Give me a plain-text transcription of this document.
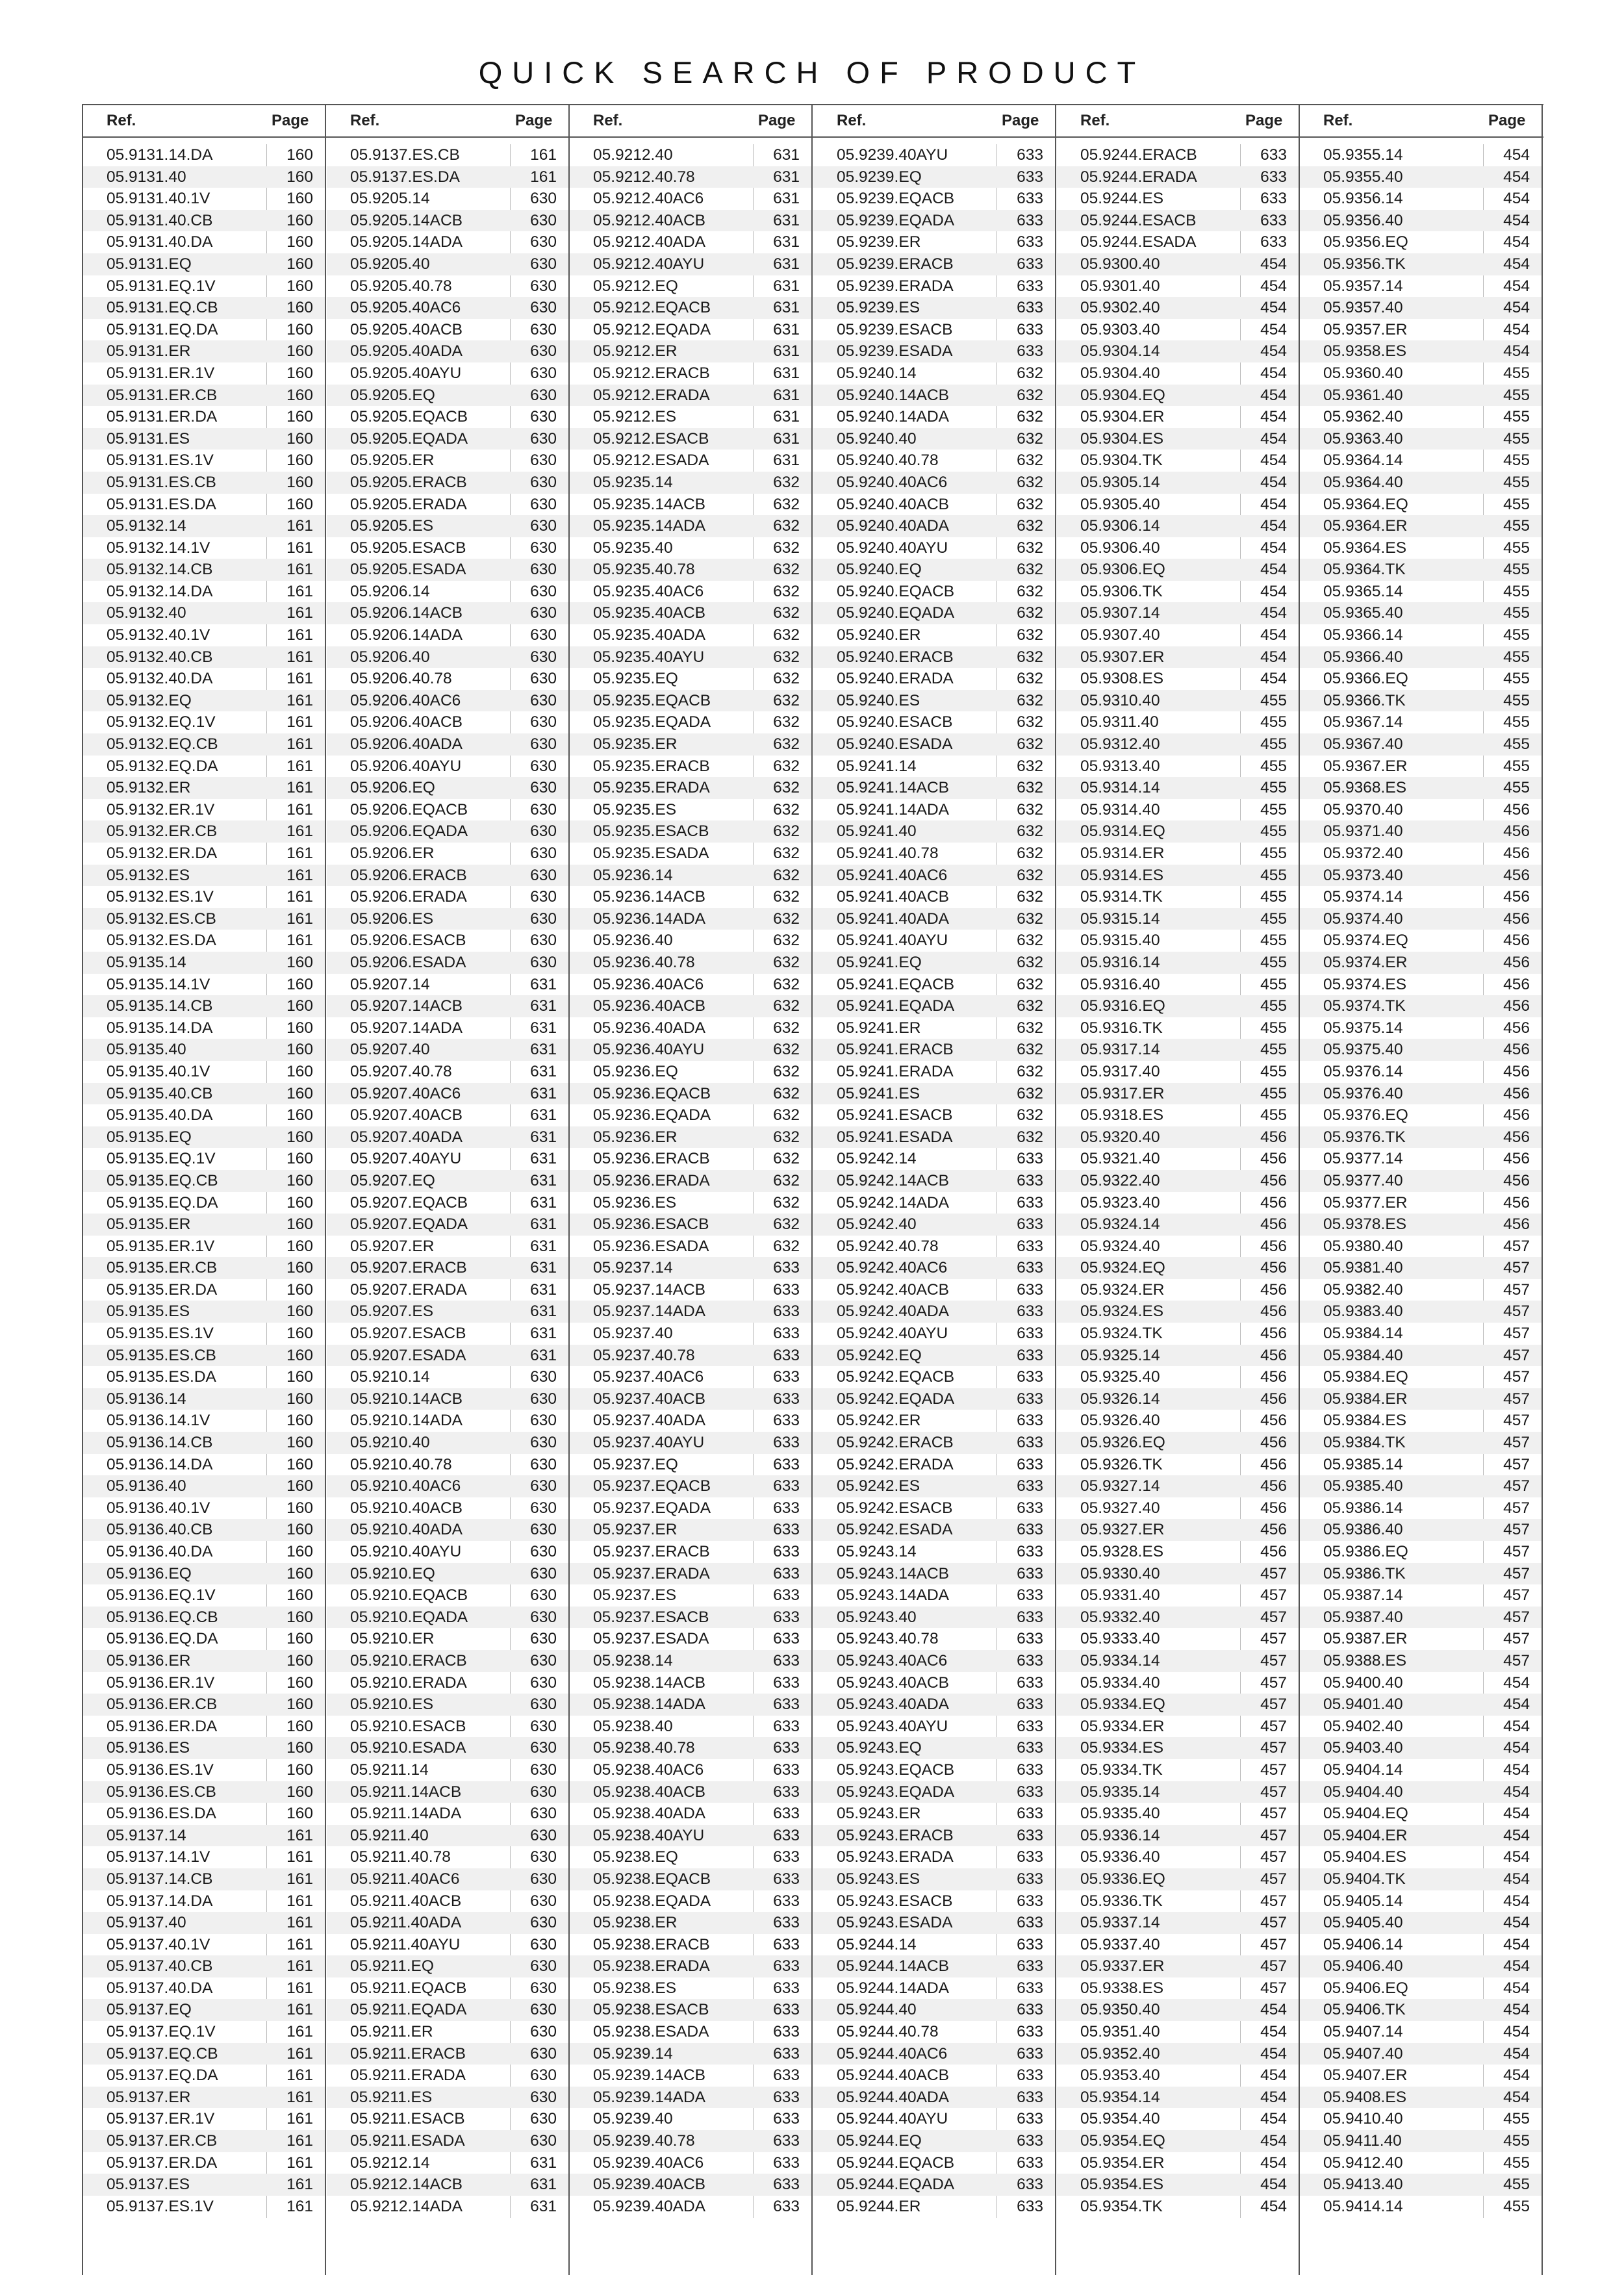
QUICK SEARCH OF PRODUCT
Ref.	Page	Ref.	Page	Ref.	Page	Ref.	Page	Ref.	Page	Ref.	Page
05.9131.14.DA	160
05.9131.40	160
05.9131.40.1V	160
05.9131.40.CB	160
05.9131.40.DA	160
05.9131.EQ	160
05.9131.EQ.1V	160
05.9131.EQ.CB	160
05.9131.EQ.DA	160
05.9131.ER	160
05.9131.ER.1V	160
05.9131.ER.CB	160
05.9131.ER.DA	160
05.9131.ES	160
05.9131.ES.1V	160
05.9131.ES.CB	160
05.9131.ES.DA	160
05.9132.14	161
05.9132.14.1V	161
05.9132.14.CB	161
05.9132.14.DA	161
05.9132.40	161
05.9132.40.1V	161
05.9132.40.CB	161
05.9132.40.DA	161
05.9132.EQ	161
05.9132.EQ.1V	161
05.9132.EQ.CB	161
05.9132.EQ.DA	161
05.9132.ER	161
05.9132.ER.1V	161
05.9132.ER.CB	161
05.9132.ER.DA	161
05.9132.ES	161
05.9132.ES.1V	161
05.9132.ES.CB	161
05.9132.ES.DA	161
05.9135.14	160
05.9135.14.1V	160
05.9135.14.CB	160
05.9135.14.DA	160
05.9135.40	160
05.9135.40.1V	160
05.9135.40.CB	160
05.9135.40.DA	160
05.9135.EQ	160
05.9135.EQ.1V	160
05.9135.EQ.CB	160
05.9135.EQ.DA	160
05.9135.ER	160
05.9135.ER.1V	160
05.9135.ER.CB	160
05.9135.ER.DA	160
05.9135.ES	160
05.9135.ES.1V	160
05.9135.ES.CB	160
05.9135.ES.DA	160
05.9136.14	160
05.9136.14.1V	160
05.9136.14.CB	160
05.9136.14.DA	160
05.9136.40	160
05.9136.40.1V	160
05.9136.40.CB	160
05.9136.40.DA	160
05.9136.EQ	160
05.9136.EQ.1V	160
05.9136.EQ.CB	160
05.9136.EQ.DA	160
05.9136.ER	160
05.9136.ER.1V	160
05.9136.ER.CB	160
05.9136.ER.DA	160
05.9136.ES	160
05.9136.ES.1V	160
05.9136.ES.CB	160
05.9136.ES.DA	160
05.9137.14	161
05.9137.14.1V	161
05.9137.14.CB	161
05.9137.14.DA	161
05.9137.40	161
05.9137.40.1V	161
05.9137.40.CB	161
05.9137.40.DA	161
05.9137.EQ	161
05.9137.EQ.1V	161
05.9137.EQ.CB	161
05.9137.EQ.DA	161
05.9137.ER	161
05.9137.ER.1V	161
05.9137.ER.CB	161
05.9137.ER.DA	161
05.9137.ES	161
05.9137.ES.1V	161
05.9137.ES.CB	161
05.9137.ES.DA	161
05.9205.14	630
05.9205.14ACB	630
05.9205.14ADA	630
05.9205.40	630
05.9205.40.78	630
05.9205.40AC6	630
05.9205.40ACB	630
05.9205.40ADA	630
05.9205.40AYU	630
05.9205.EQ	630
05.9205.EQACB	630
05.9205.EQADA	630
05.9205.ER	630
05.9205.ERACB	630
05.9205.ERADA	630
05.9205.ES	630
05.9205.ESACB	630
05.9205.ESADA	630
05.9206.14	630
05.9206.14ACB	630
05.9206.14ADA	630
05.9206.40	630
05.9206.40.78	630
05.9206.40AC6	630
05.9206.40ACB	630
05.9206.40ADA	630
05.9206.40AYU	630
05.9206.EQ	630
05.9206.EQACB	630
05.9206.EQADA	630
05.9206.ER	630
05.9206.ERACB	630
05.9206.ERADA	630
05.9206.ES	630
05.9206.ESACB	630
05.9206.ESADA	630
05.9207.14	631
05.9207.14ACB	631
05.9207.14ADA	631
05.9207.40	631
05.9207.40.78	631
05.9207.40AC6	631
05.9207.40ACB	631
05.9207.40ADA	631
05.9207.40AYU	631
05.9207.EQ	631
05.9207.EQACB	631
05.9207.EQADA	631
05.9207.ER	631
05.9207.ERACB	631
05.9207.ERADA	631
05.9207.ES	631
05.9207.ESACB	631
05.9207.ESADA	631
05.9210.14	630
05.9210.14ACB	630
05.9210.14ADA	630
05.9210.40	630
05.9210.40.78	630
05.9210.40AC6	630
05.9210.40ACB	630
05.9210.40ADA	630
05.9210.40AYU	630
05.9210.EQ	630
05.9210.EQACB	630
05.9210.EQADA	630
05.9210.ER	630
05.9210.ERACB	630
05.9210.ERADA	630
05.9210.ES	630
05.9210.ESACB	630
05.9210.ESADA	630
05.9211.14	630
05.9211.14ACB	630
05.9211.14ADA	630
05.9211.40	630
05.9211.40.78	630
05.9211.40AC6	630
05.9211.40ACB	630
05.9211.40ADA	630
05.9211.40AYU	630
05.9211.EQ	630
05.9211.EQACB	630
05.9211.EQADA	630
05.9211.ER	630
05.9211.ERACB	630
05.9211.ERADA	630
05.9211.ES	630
05.9211.ESACB	630
05.9211.ESADA	630
05.9212.14	631
05.9212.14ACB	631
05.9212.14ADA	631
05.9212.40	631
05.9212.40.78	631
05.9212.40AC6	631
05.9212.40ACB	631
05.9212.40ADA	631
05.9212.40AYU	631
05.9212.EQ	631
05.9212.EQACB	631
05.9212.EQADA	631
05.9212.ER	631
05.9212.ERACB	631
05.9212.ERADA	631
05.9212.ES	631
05.9212.ESACB	631
05.9212.ESADA	631
05.9235.14	632
05.9235.14ACB	632
05.9235.14ADA	632
05.9235.40	632
05.9235.40.78	632
05.9235.40AC6	632
05.9235.40ACB	632
05.9235.40ADA	632
05.9235.40AYU	632
05.9235.EQ	632
05.9235.EQACB	632
05.9235.EQADA	632
05.9235.ER	632
05.9235.ERACB	632
05.9235.ERADA	632
05.9235.ES	632
05.9235.ESACB	632
05.9235.ESADA	632
05.9236.14	632
05.9236.14ACB	632
05.9236.14ADA	632
05.9236.40	632
05.9236.40.78	632
05.9236.40AC6	632
05.9236.40ACB	632
05.9236.40ADA	632
05.9236.40AYU	632
05.9236.EQ	632
05.9236.EQACB	632
05.9236.EQADA	632
05.9236.ER	632
05.9236.ERACB	632
05.9236.ERADA	632
05.9236.ES	632
05.9236.ESACB	632
05.9236.ESADA	632
05.9237.14	633
05.9237.14ACB	633
05.9237.14ADA	633
05.9237.40	633
05.9237.40.78	633
05.9237.40AC6	633
05.9237.40ACB	633
05.9237.40ADA	633
05.9237.40AYU	633
05.9237.EQ	633
05.9237.EQACB	633
05.9237.EQADA	633
05.9237.ER	633
05.9237.ERACB	633
05.9237.ERADA	633
05.9237.ES	633
05.9237.ESACB	633
05.9237.ESADA	633
05.9238.14	633
05.9238.14ACB	633
05.9238.14ADA	633
05.9238.40	633
05.9238.40.78	633
05.9238.40AC6	633
05.9238.40ACB	633
05.9238.40ADA	633
05.9238.40AYU	633
05.9238.EQ	633
05.9238.EQACB	633
05.9238.EQADA	633
05.9238.ER	633
05.9238.ERACB	633
05.9238.ERADA	633
05.9238.ES	633
05.9238.ESACB	633
05.9238.ESADA	633
05.9239.14	633
05.9239.14ACB	633
05.9239.14ADA	633
05.9239.40	633
05.9239.40.78	633
05.9239.40AC6	633
05.9239.40ACB	633
05.9239.40ADA	633
05.9239.40AYU	633
05.9239.EQ	633
05.9239.EQACB	633
05.9239.EQADA	633
05.9239.ER	633
05.9239.ERACB	633
05.9239.ERADA	633
05.9239.ES	633
05.9239.ESACB	633
05.9239.ESADA	633
05.9240.14	632
05.9240.14ACB	632
05.9240.14ADA	632
05.9240.40	632
05.9240.40.78	632
05.9240.40AC6	632
05.9240.40ACB	632
05.9240.40ADA	632
05.9240.40AYU	632
05.9240.EQ	632
05.9240.EQACB	632
05.9240.EQADA	632
05.9240.ER	632
05.9240.ERACB	632
05.9240.ERADA	632
05.9240.ES	632
05.9240.ESACB	632
05.9240.ESADA	632
05.9241.14	632
05.9241.14ACB	632
05.9241.14ADA	632
05.9241.40	632
05.9241.40.78	632
05.9241.40AC6	632
05.9241.40ACB	632
05.9241.40ADA	632
05.9241.40AYU	632
05.9241.EQ	632
05.9241.EQACB	632
05.9241.EQADA	632
05.9241.ER	632
05.9241.ERACB	632
05.9241.ERADA	632
05.9241.ES	632
05.9241.ESACB	632
05.9241.ESADA	632
05.9242.14	633
05.9242.14ACB	633
05.9242.14ADA	633
05.9242.40	633
05.9242.40.78	633
05.9242.40AC6	633
05.9242.40ACB	633
05.9242.40ADA	633
05.9242.40AYU	633
05.9242.EQ	633
05.9242.EQACB	633
05.9242.EQADA	633
05.9242.ER	633
05.9242.ERACB	633
05.9242.ERADA	633
05.9242.ES	633
05.9242.ESACB	633
05.9242.ESADA	633
05.9243.14	633
05.9243.14ACB	633
05.9243.14ADA	633
05.9243.40	633
05.9243.40.78	633
05.9243.40AC6	633
05.9243.40ACB	633
05.9243.40ADA	633
05.9243.40AYU	633
05.9243.EQ	633
05.9243.EQACB	633
05.9243.EQADA	633
05.9243.ER	633
05.9243.ERACB	633
05.9243.ERADA	633
05.9243.ES	633
05.9243.ESACB	633
05.9243.ESADA	633
05.9244.14	633
05.9244.14ACB	633
05.9244.14ADA	633
05.9244.40	633
05.9244.40.78	633
05.9244.40AC6	633
05.9244.40ACB	633
05.9244.40ADA	633
05.9244.40AYU	633
05.9244.EQ	633
05.9244.EQACB	633
05.9244.EQADA	633
05.9244.ER	633
05.9244.ERACB	633
05.9244.ERADA	633
05.9244.ES	633
05.9244.ESACB	633
05.9244.ESADA	633
05.9300.40	454
05.9301.40	454
05.9302.40	454
05.9303.40	454
05.9304.14	454
05.9304.40	454
05.9304.EQ	454
05.9304.ER	454
05.9304.ES	454
05.9304.TK	454
05.9305.14	454
05.9305.40	454
05.9306.14	454
05.9306.40	454
05.9306.EQ	454
05.9306.TK	454
05.9307.14	454
05.9307.40	454
05.9307.ER	454
05.9308.ES	454
05.9310.40	455
05.9311.40	455
05.9312.40	455
05.9313.40	455
05.9314.14	455
05.9314.40	455
05.9314.EQ	455
05.9314.ER	455
05.9314.ES	455
05.9314.TK	455
05.9315.14	455
05.9315.40	455
05.9316.14	455
05.9316.40	455
05.9316.EQ	455
05.9316.TK	455
05.9317.14	455
05.9317.40	455
05.9317.ER	455
05.9318.ES	455
05.9320.40	456
05.9321.40	456
05.9322.40	456
05.9323.40	456
05.9324.14	456
05.9324.40	456
05.9324.EQ	456
05.9324.ER	456
05.9324.ES	456
05.9324.TK	456
05.9325.14	456
05.9325.40	456
05.9326.14	456
05.9326.40	456
05.9326.EQ	456
05.9326.TK	456
05.9327.14	456
05.9327.40	456
05.9327.ER	456
05.9328.ES	456
05.9330.40	457
05.9331.40	457
05.9332.40	457
05.9333.40	457
05.9334.14	457
05.9334.40	457
05.9334.EQ	457
05.9334.ER	457
05.9334.ES	457
05.9334.TK	457
05.9335.14	457
05.9335.40	457
05.9336.14	457
05.9336.40	457
05.9336.EQ	457
05.9336.TK	457
05.9337.14	457
05.9337.40	457
05.9337.ER	457
05.9338.ES	457
05.9350.40	454
05.9351.40	454
05.9352.40	454
05.9353.40	454
05.9354.14	454
05.9354.40	454
05.9354.EQ	454
05.9354.ER	454
05.9354.ES	454
05.9354.TK	454
05.9355.14	454
05.9355.40	454
05.9356.14	454
05.9356.40	454
05.9356.EQ	454
05.9356.TK	454
05.9357.14	454
05.9357.40	454
05.9357.ER	454
05.9358.ES	454
05.9360.40	455
05.9361.40	455
05.9362.40	455
05.9363.40	455
05.9364.14	455
05.9364.40	455
05.9364.EQ	455
05.9364.ER	455
05.9364.ES	455
05.9364.TK	455
05.9365.14	455
05.9365.40	455
05.9366.14	455
05.9366.40	455
05.9366.EQ	455
05.9366.TK	455
05.9367.14	455
05.9367.40	455
05.9367.ER	455
05.9368.ES	455
05.9370.40	456
05.9371.40	456
05.9372.40	456
05.9373.40	456
05.9374.14	456
05.9374.40	456
05.9374.EQ	456
05.9374.ER	456
05.9374.ES	456
05.9374.TK	456
05.9375.14	456
05.9375.40	456
05.9376.14	456
05.9376.40	456
05.9376.EQ	456
05.9376.TK	456
05.9377.14	456
05.9377.40	456
05.9377.ER	456
05.9378.ES	456
05.9380.40	457
05.9381.40	457
05.9382.40	457
05.9383.40	457
05.9384.14	457
05.9384.40	457
05.9384.EQ	457
05.9384.ER	457
05.9384.ES	457
05.9384.TK	457
05.9385.14	457
05.9385.40	457
05.9386.14	457
05.9386.40	457
05.9386.EQ	457
05.9386.TK	457
05.9387.14	457
05.9387.40	457
05.9387.ER	457
05.9388.ES	457
05.9400.40	454
05.9401.40	454
05.9402.40	454
05.9403.40	454
05.9404.14	454
05.9404.40	454
05.9404.EQ	454
05.9404.ER	454
05.9404.ES	454
05.9404.TK	454
05.9405.14	454
05.9405.40	454
05.9406.14	454
05.9406.40	454
05.9406.EQ	454
05.9406.TK	454
05.9407.14	454
05.9407.40	454
05.9407.ER	454
05.9408.ES	454
05.9410.40	455
05.9411.40	455
05.9412.40	455
05.9413.40	455
05.9414.14	455
